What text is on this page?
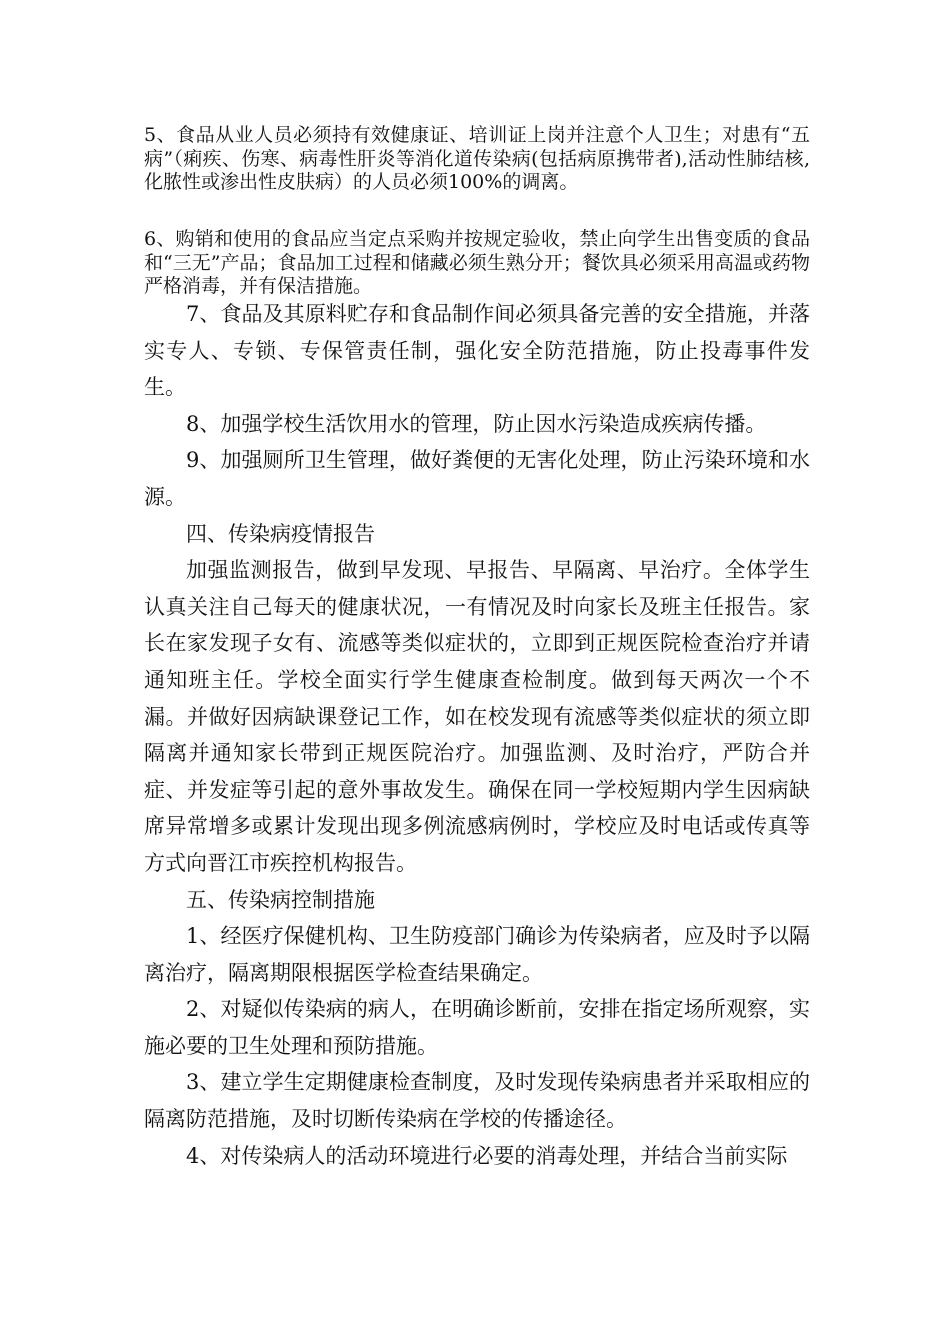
5、食品从业人员必须持有效健康证、培训证上岗并注意个人卫生；对患有“五病”（痢疾、伤寒、病毒性肝炎等消化道传染病(包括病原携带者),活动性肺结核,化脓性或渗出性皮肤病）的人员必须100%的调离。

6、购销和使用的食品应当定点采购并按规定验收，禁止向学生出售变质的食品和“三无”产品；食品加工过程和储藏必须生熟分开；餐饮具必须采用高温或药物严格消毒，并有保洁措施。

7、食品及其原料贮存和食品制作间必须具备完善的安全措施，并落实专人、专锁、专保管责任制，强化安全防范措施，防止投毒事件发生。

8、加强学校生活饮用水的管理，防止因水污染造成疾病传播。

9、加强厕所卫生管理，做好粪便的无害化处理，防止污染环境和水源。

四、传染病疫情报告

加强监测报告，做到早发现、早报告、早隔离、早治疗。全体学生认真关注自己每天的健康状况，一有情况及时向家长及班主任报告。家长在家发现子女有、流感等类似症状的，立即到正规医院检查治疗并请通知班主任。学校全面实行学生健康查检制度。做到每天两次一个不漏。并做好因病缺课登记工作，如在校发现有流感等类似症状的须立即隔离并通知家长带到正规医院治疗。加强监测、及时治疗，严防合并症、并发症等引起的意外事故发生。确保在同一学校短期内学生因病缺席异常增多或累计发现出现多例流感病例时，学校应及时电话或传真等方式向晋江市疾控机构报告。

五、传染病控制措施

1、经医疗保健机构、卫生防疫部门确诊为传染病者，应及时予以隔离治疗，隔离期限根据医学检查结果确定。

2、对疑似传染病的病人，在明确诊断前，安排在指定场所观察，实施必要的卫生处理和预防措施。

3、建立学生定期健康检查制度，及时发现传染病患者并采取相应的隔离防范措施，及时切断传染病在学校的传播途径。

4、对传染病人的活动环境进行必要的消毒处理，并结合当前实际
